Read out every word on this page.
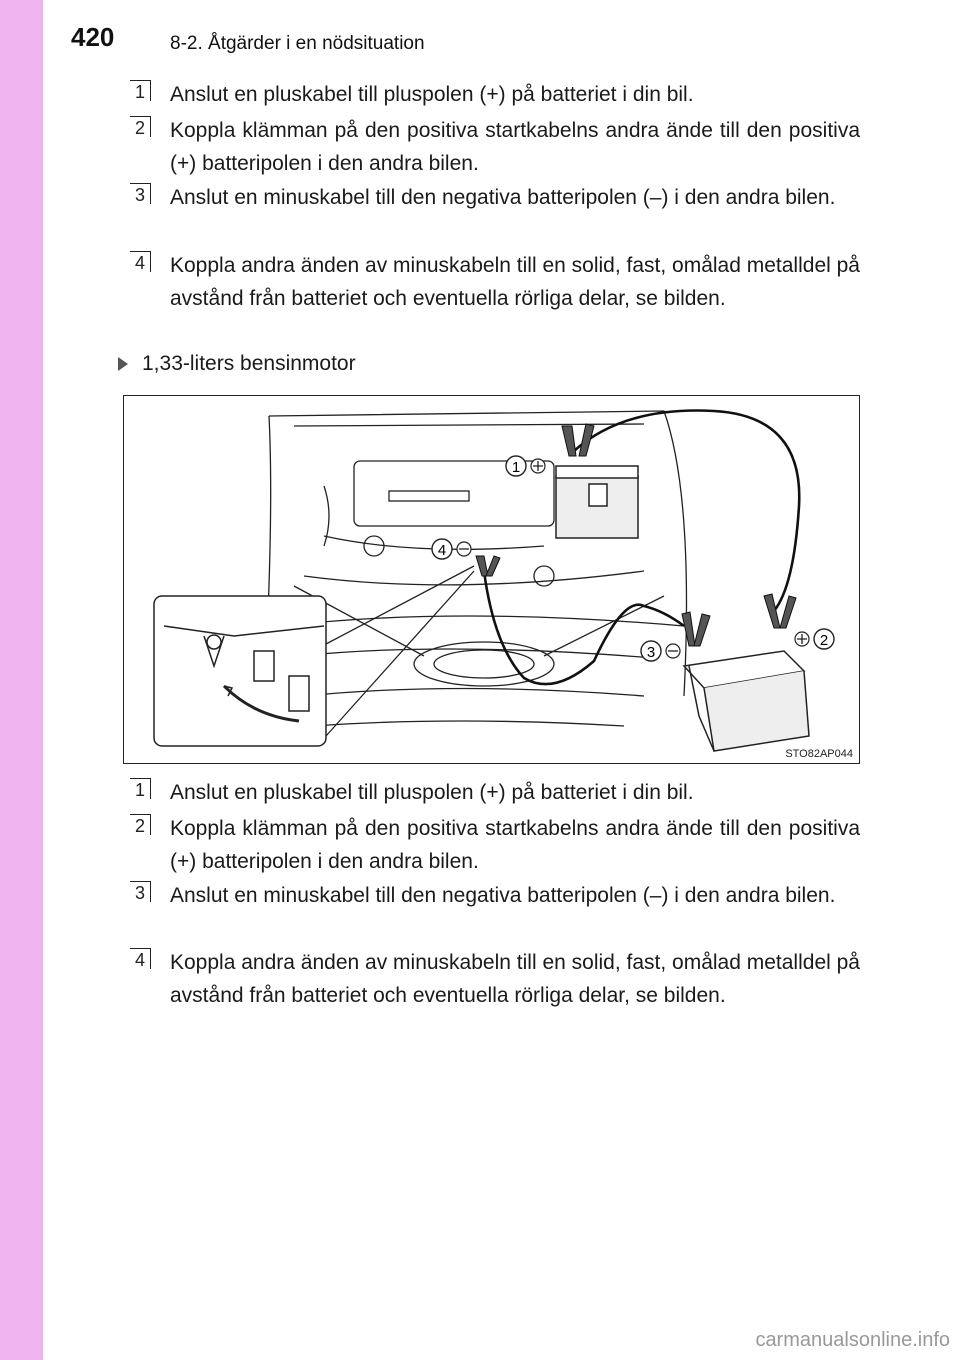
420	8-2. Åtgärder i en nödsituation
1 Anslut en pluskabel till pluspolen (+) på batteriet i din bil.
2 Koppla klämman på den positiva startkabelns andra ände till den positiva (+) batteripolen i den andra bilen.
3 Anslut en minuskabel till den negativa batteripolen (–) i den andra bilen.
4 Koppla andra änden av minuskabeln till en solid, fast, omålad metalldel på avstånd från batteriet och eventuella rörliga delar, se bilden.
1,33-liters bensinmotor
1
4
3
2
STO82AP044
1 Anslut en pluskabel till pluspolen (+) på batteriet i din bil.
2 Koppla klämman på den positiva startkabelns andra ände till den positiva (+) batteripolen i den andra bilen.
3 Anslut en minuskabel till den negativa batteripolen (–) i den andra bilen.
4 Koppla andra änden av minuskabeln till en solid, fast, omålad metalldel på avstånd från batteriet och eventuella rörliga delar, se bilden.
carmanualsonline.info
